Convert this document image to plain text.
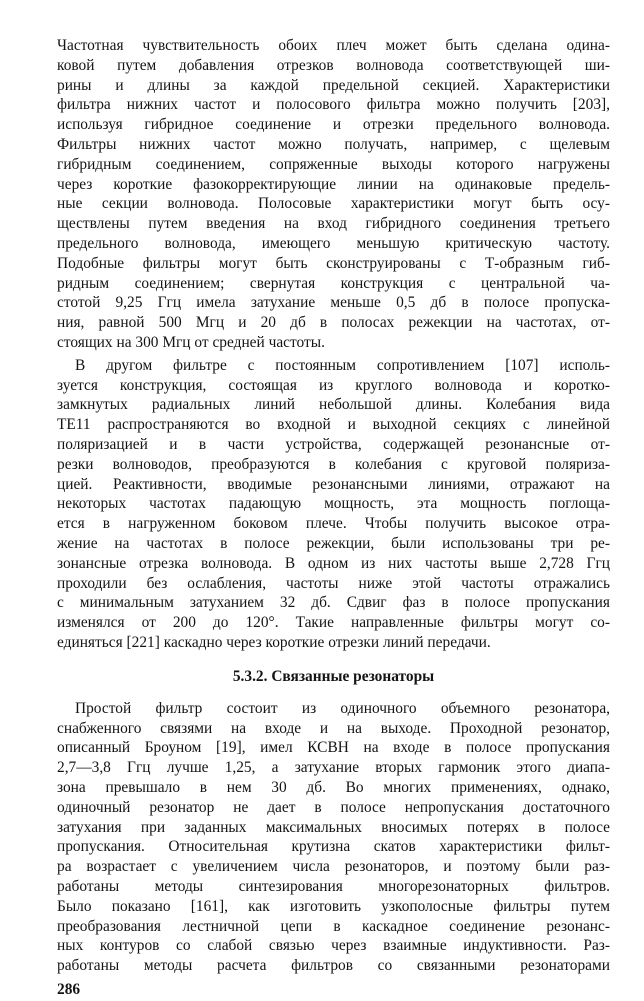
Частотная чувствительность обоих плеч может быть сделана одина-
ковой путем добавления отрезков волновода соответствующей ши-
рины и длины за каждой предельной секцией. Характеристики
фильтра нижних частот и полосового фильтра можно получить [203],
используя гибридное соединение и отрезки предельного волновода.
Фильтры нижних частот можно получать, например, с щелевым
гибридным соединением, сопряженные выходы которого нагружены
через короткие фазокорректирующие линии на одинаковые предель-
ные секции волновода. Полосовые характеристики могут быть осу-
ществлены путем введения на вход гибридного соединения третьего
предельного волновода, имеющего меньшую критическую частоту.
Подобные фильтры могут быть сконструированы с Т-образным гиб-
ридным соединением; свернутая конструкция с центральной ча-
стотой 9,25 Ггц имела затухание меньше 0,5 дб в полосе пропуска-
ния, равной 500 Мгц и 20 дб в полосах режекции на частотах, от-
стоящих на 300 Мгц от средней частоты.
В другом фильтре с постоянным сопротивлением [107] исполь-
зуется конструкция, состоящая из круглого волновода и коротко-
замкнутых радиальных линий небольшой длины. Колебания вида
TE11 распространяются во входной и выходной секциях с линейной
поляризацией и в части устройства, содержащей резонансные от-
резки волноводов, преобразуются в колебания с круговой поляриза-
цией. Реактивности, вводимые резонансными линиями, отражают на
некоторых частотах падающую мощность, эта мощность поглоща-
ется в нагруженном боковом плече. Чтобы получить высокое отра-
жение на частотах в полосе режекции, были использованы три ре-
зонансные отрезка волновода. В одном из них частоты выше 2,728 Ггц
проходили без ослабления, частоты ниже этой частоты отражались
с минимальным затуханием 32 дб. Сдвиг фаз в полосе пропускания
изменялся от 200 до 120°. Такие направленные фильтры могут со-
единяться [221] каскадно через короткие отрезки линий передачи.
5.3.2. Связанные резонаторы
Простой фильтр состоит из одиночного объемного резонатора,
снабженного связями на входе и на выходе. Проходной резонатор,
описанный Броуном [19], имел КСВН на входе в полосе пропускания
2,7—3,8 Ггц лучше 1,25, а затухание вторых гармоник этого диапа-
зона превышало в нем 30 дб. Во многих применениях, однако,
одиночный резонатор не дает в полосе непропускания достаточного
затухания при заданных максимальных вносимых потерях в полосе
пропускания. Относительная крутизна скатов характеристики фильт-
ра возрастает с увеличением числа резонаторов, и поэтому были раз-
работаны методы синтезирования многорезонаторных фильтров.
Было показано [161], как изготовить узкополосные фильтры путем
преобразования лестничной цепи в каскадное соединение резонанс-
ных контуров со слабой связью через взаимные индуктивности. Раз-
работаны методы расчета фильтров со связанными резонаторами
286
